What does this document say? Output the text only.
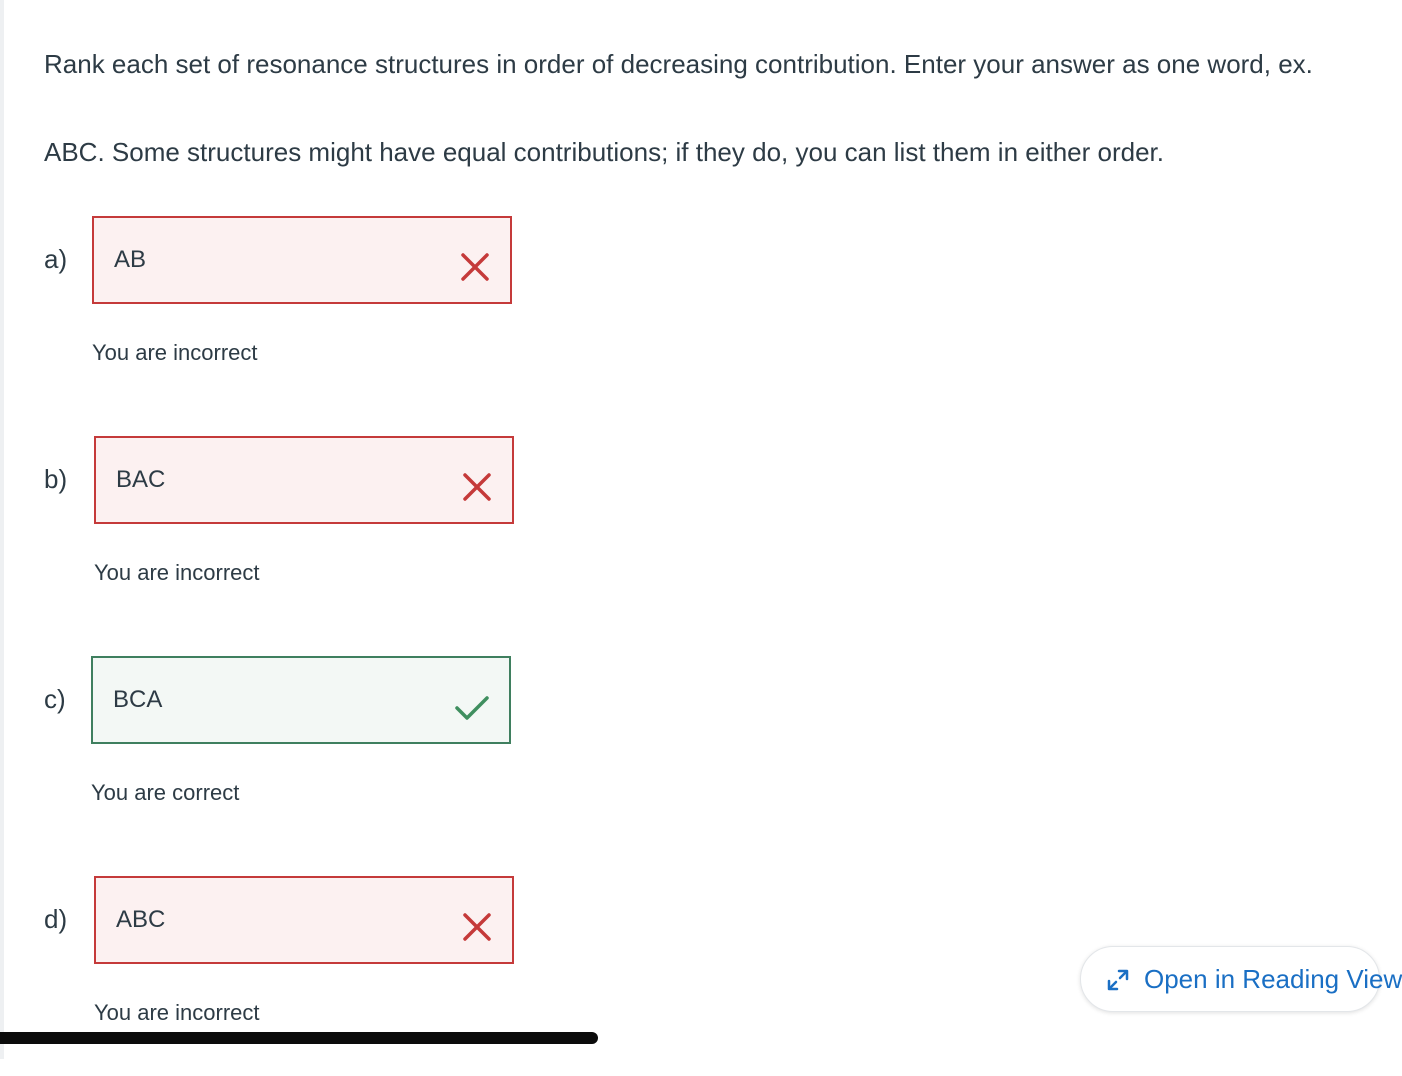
Rank each set of resonance structures in order of decreasing contribution. Enter your answer as one word, ex.
ABC. Some structures might have equal contributions; if they do, you can list them in either order.

a) AB
You are incorrect
b) BAC
You are incorrect
c) BCA
You are correct
d) ABC
You are incorrect
Open in Reading View
